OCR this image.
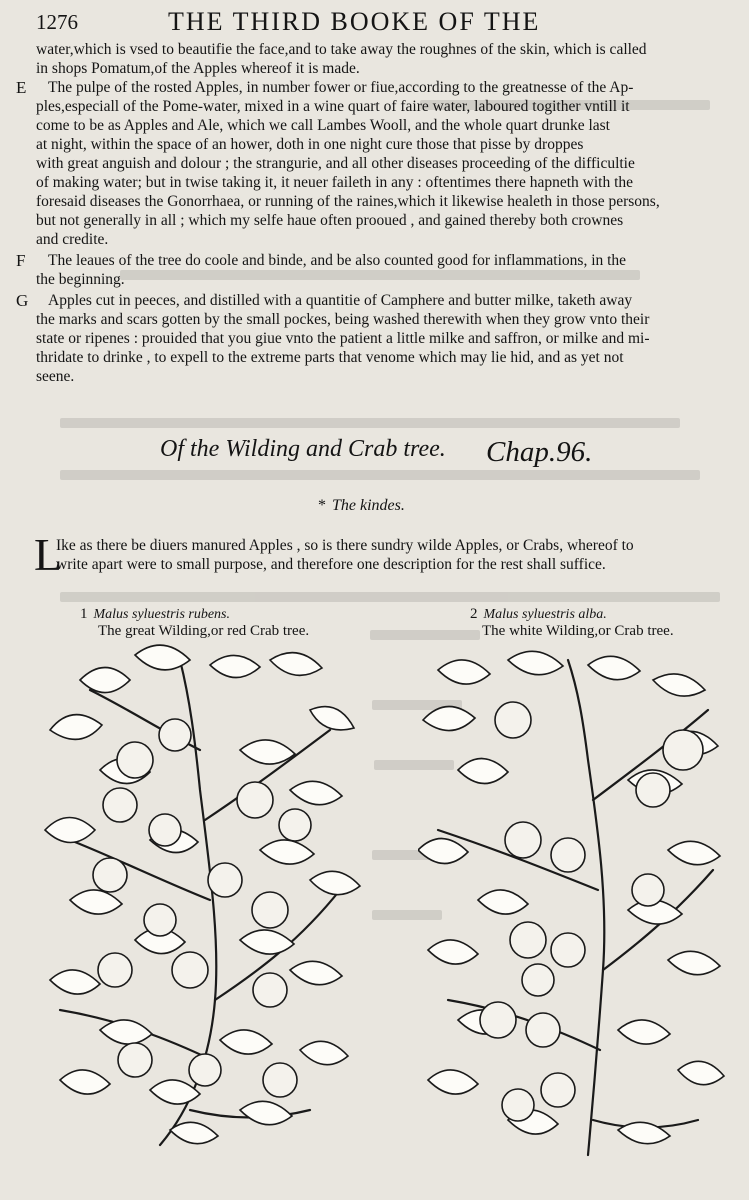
1276	THE THIRD BOOKE OF THE

water,which is vsed to beautifie the face,and to take away the roughnes of the skin, which is called
in shops Pomatum,of the Apples whereof it is made.

E	The pulpe of the rosted Apples, in number fower or fiue,according to the greatnesse of the Ap-
ples,especiall of the Pome-water, mixed in a wine quart of faire water, laboured togither vntill it
come to be as Apples and Ale, which we call Lambes Wooll, and the whole quart drunke last
at night, within the space of an hower, doth in one night cure those that pisse by droppes
with great anguish and dolour ; the strangurie, and all other diseases proceeding of the difficultie
of making water; but in twise taking it, it neuer faileth in any : oftentimes there hapneth with the
foresaid diseases the Gonorrhaea, or running of the raines,which it likewise healeth in those persons,
but not generally in all ; which my selfe haue often prooued , and gained thereby both crownes
and credite.

F	The leaues of the tree do coole and binde, and be also counted good for inflammations, in the
the beginning.

G	Apples cut in peeces, and distilled with a quantitie of Camphere and butter milke, taketh away
the marks and scars gotten by the small pockes, being washed therewith when they grow vnto their
state or ripenes : prouided that you giue vnto the patient a little milke and saffron, or milke and mi-
thridate to drinke , to expell to the extreme parts that venome which may lie hid, and as yet not
seene.

Of the Wilding and Crab tree. Chap.96.
* The kindes.
L
Ike as there be diuers manured Apples , so is there sundry wilde Apples, or Crabs, whereof to
write apart were to small purpose, and therefore one description for the rest shall suffice.
1 Malus syluestris rubens.
The great Wilding,or red Crab tree.
2 Malus syluestris alba.
The white Wilding,or Crab tree.
